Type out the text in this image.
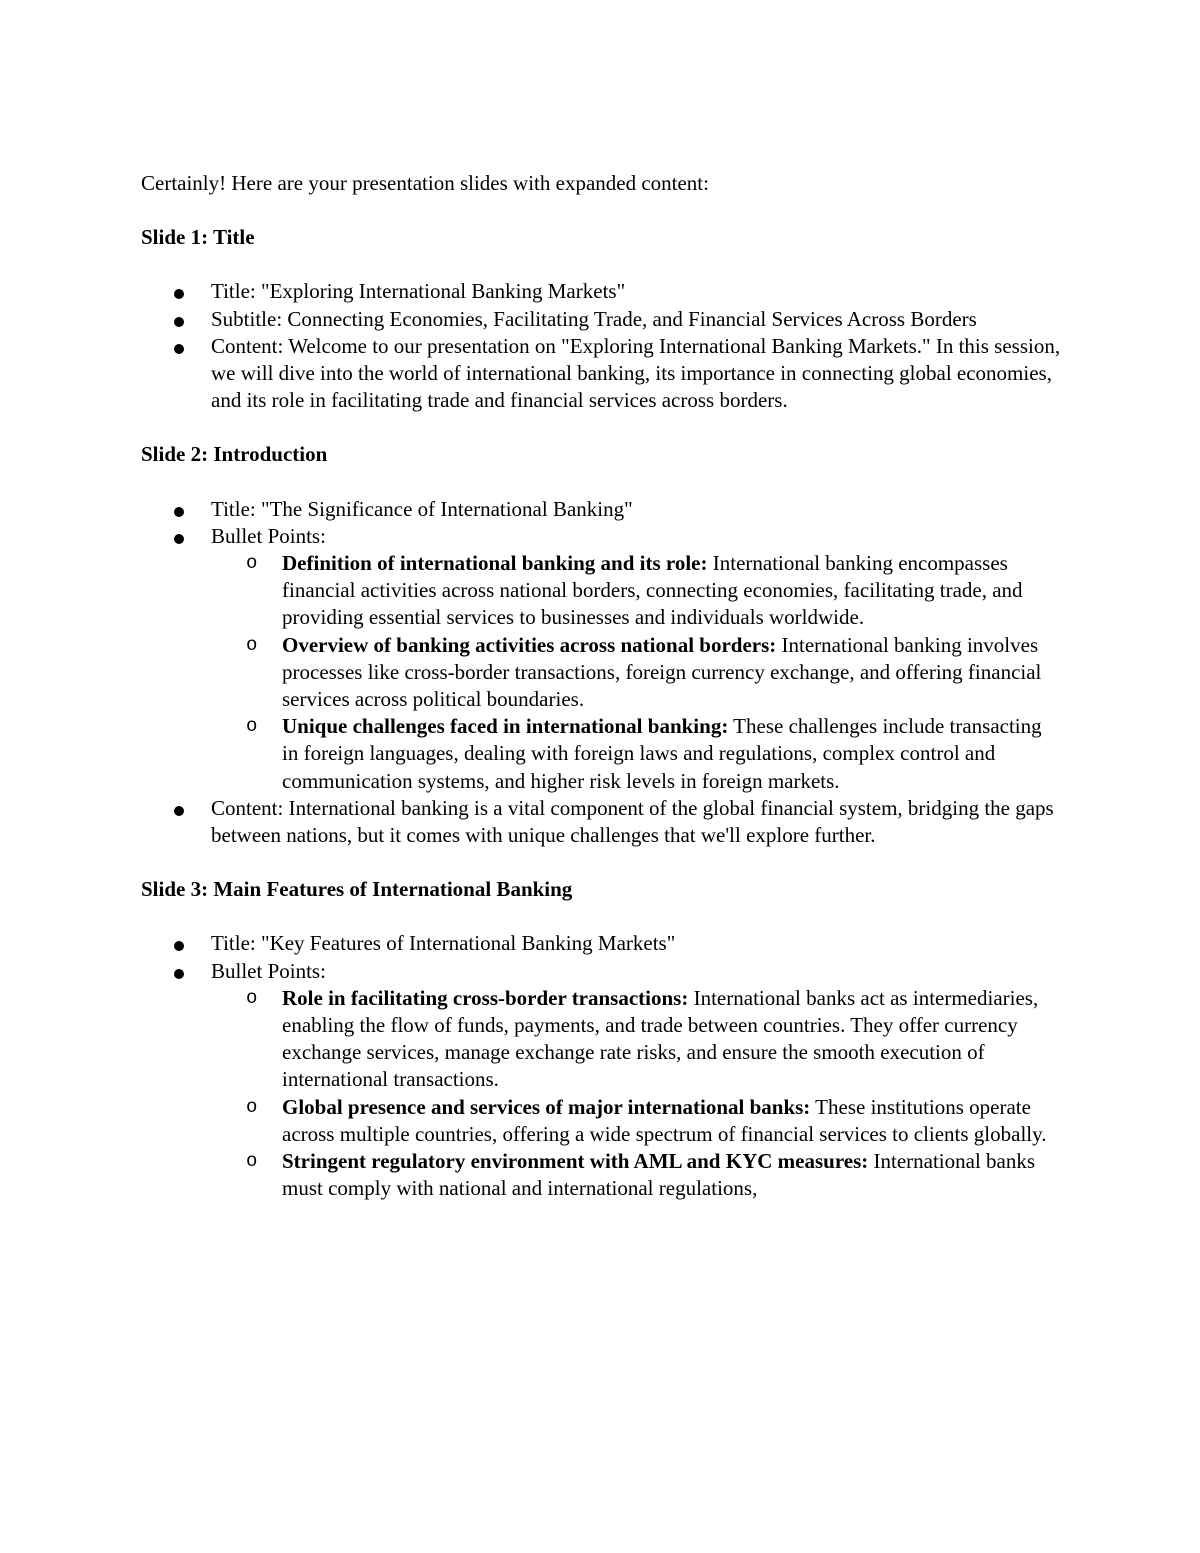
Certainly! Here are your presentation slides with expanded content:

Slide 1: Title

Title: "Exploring International Banking Markets"
Subtitle: Connecting Economies, Facilitating Trade, and Financial Services Across Borders
Content: Welcome to our presentation on "Exploring International Banking Markets." In this session, we will dive into the world of international banking, its importance in connecting global economies, and its role in facilitating trade and financial services across borders.

Slide 2: Introduction

Title: "The Significance of International Banking"
Bullet Points:
o Definition of international banking and its role: International banking encompasses financial activities across national borders, connecting economies, facilitating trade, and providing essential services to businesses and individuals worldwide.
o Overview of banking activities across national borders: International banking involves processes like cross-border transactions, foreign currency exchange, and offering financial services across political boundaries.
o Unique challenges faced in international banking: These challenges include transacting in foreign languages, dealing with foreign laws and regulations, complex control and communication systems, and higher risk levels in foreign markets.
Content: International banking is a vital component of the global financial system, bridging the gaps between nations, but it comes with unique challenges that we'll explore further.

Slide 3: Main Features of International Banking

Title: "Key Features of International Banking Markets"
Bullet Points:
o Role in facilitating cross-border transactions: International banks act as intermediaries, enabling the flow of funds, payments, and trade between countries. They offer currency exchange services, manage exchange rate risks, and ensure the smooth execution of international transactions.
o Global presence and services of major international banks: These institutions operate across multiple countries, offering a wide spectrum of financial services to clients globally.
o Stringent regulatory environment with AML and KYC measures: International banks must comply with national and international regulations,
